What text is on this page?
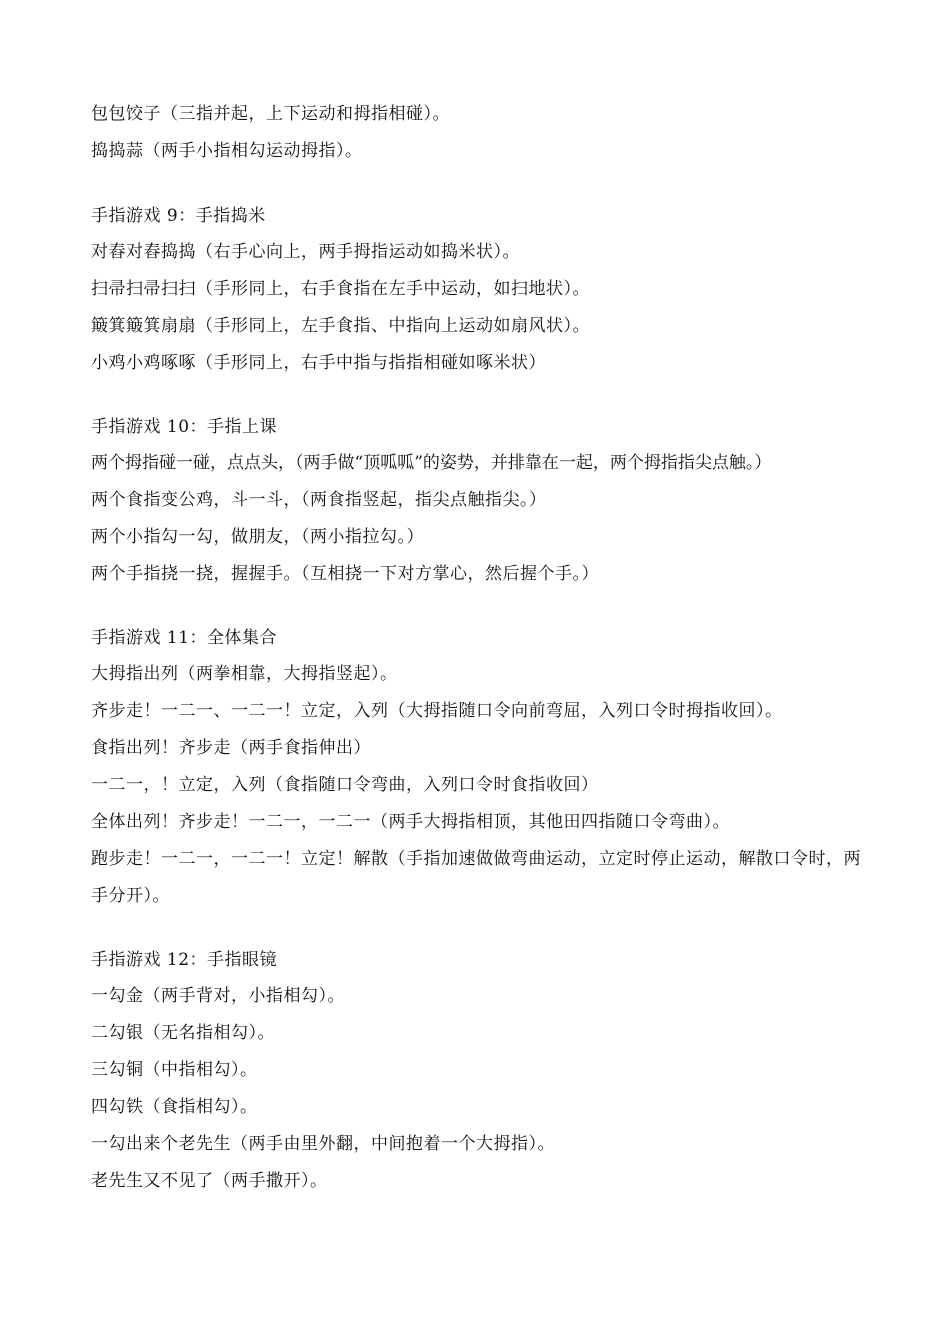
包包饺子（三指并起，上下运动和拇指相碰）。
捣捣蒜（两手小指相勾运动拇指）。
手指游戏 9：手指捣米
对舂对舂捣捣（右手心向上，两手拇指运动如捣米状）。
扫帚扫帚扫扫（手形同上，右手食指在左手中运动，如扫地状）。
簸箕簸箕扇扇（手形同上，左手食指、中指向上运动如扇风状）。
小鸡小鸡啄啄（手形同上，右手中指与指指相碰如啄米状）
手指游戏 10：手指上课
两个拇指碰一碰，点点头，（两手做“顶呱呱”的姿势，并排靠在一起，两个拇指指尖点触。）
两个食指变公鸡，斗一斗，（两食指竖起，指尖点触指尖。）
两个小指勾一勾，做朋友，（两小指拉勾。）
两个手指挠一挠，握握手。（互相挠一下对方掌心，然后握个手。）
手指游戏 11：全体集合
大拇指出列（两拳相靠，大拇指竖起）。
齐步走！一二一、一二一！立定，入列（大拇指随口令向前弯屈，入列口令时拇指收回）。
食指出列！齐步走（两手食指伸出）
一二一，！立定，入列（食指随口令弯曲，入列口令时食指收回）
全体出列！齐步走！一二一，一二一（两手大拇指相顶，其他田四指随口令弯曲）。
跑步走！一二一，一二一！立定！解散（手指加速做做弯曲运动，立定时停止运动，解散口令时，两手分开）。
手指游戏 12：手指眼镜
一勾金（两手背对，小指相勾）。
二勾银（无名指相勾）。
三勾铜（中指相勾）。
四勾铁（食指相勾）。
一勾出来个老先生（两手由里外翻，中间抱着一个大拇指）。
老先生又不见了（两手撒开）。
